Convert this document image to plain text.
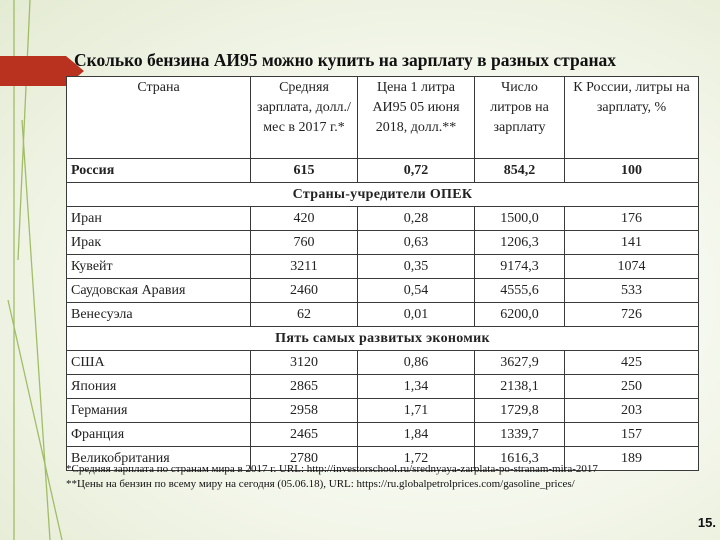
Сколько бензина АИ95 можно купить на зарплату в разных странах
Страна	Средняя зарплата, долл./мес в 2017 г.*	Цена 1 литра АИ95 05 июня 2018, долл.**	Число литров на зарплату	К России, литры на зарплату, %
Россия	615	0,72	854,2	100
Страны-учредители ОПЕК				
Иран	420	0,28	1500,0	176
Ирак	760	0,63	1206,3	141
Кувейт	3211	0,35	9174,3	1074
Саудовская Аравия	2460	0,54	4555,6	533
Венесуэла	62	0,01	6200,0	726
Пять самых развитых экономик				
США	3120	0,86	3627,9	425
Япония	2865	1,34	2138,1	250
Германия	2958	1,71	1729,8	203
Франция	2465	1,84	1339,7	157
Великобритания	2780	1,72	1616,3	189
*Средняя зарплата по странам мира в 2017 г. URL: http://investorschool.ru/srednyaya-zarplata-po-stranam-mira-2017
**Цены на бензин по всему миру на сегодня (05.06.18), URL: https://ru.globalpetrolprices.com/gasoline_prices/
15.
